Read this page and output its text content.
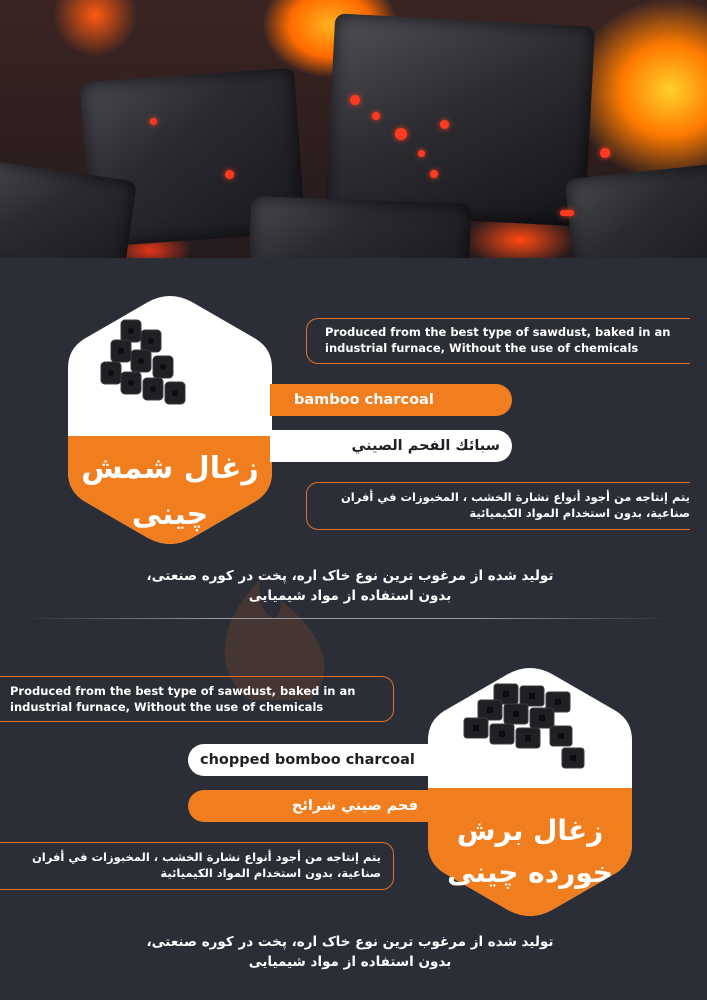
زغال شمش چینی
Produced from the best type of sawdust, baked in an industrial furnace, Without the use of chemicals
bamboo charcoal
سبائك الفحم الصيني
يتم إنتاجه من أجود أنواع نشارة الخشب ، المخبوزات في أفران صناعية، بدون استخدام المواد الكيميائية
تولید شده از مرغوب ترین نوع خاک اره، پخت در کوره صنعتی،
بدون استفاده از مواد شیمیایی
Produced from the best type of sawdust, baked in an industrial furnace, Without the use of chemicals
زغال برش خورده چینی
chopped bomboo charcoal
فحم صيني شرائح
يتم إنتاجه من أجود أنواع نشارة الخشب ، المخبوزات في أفران صناعية، بدون استخدام المواد الكيميائية
تولید شده از مرغوب ترین نوع خاک اره، پخت در کوره صنعتی،
بدون استفاده از مواد شیمیایی
